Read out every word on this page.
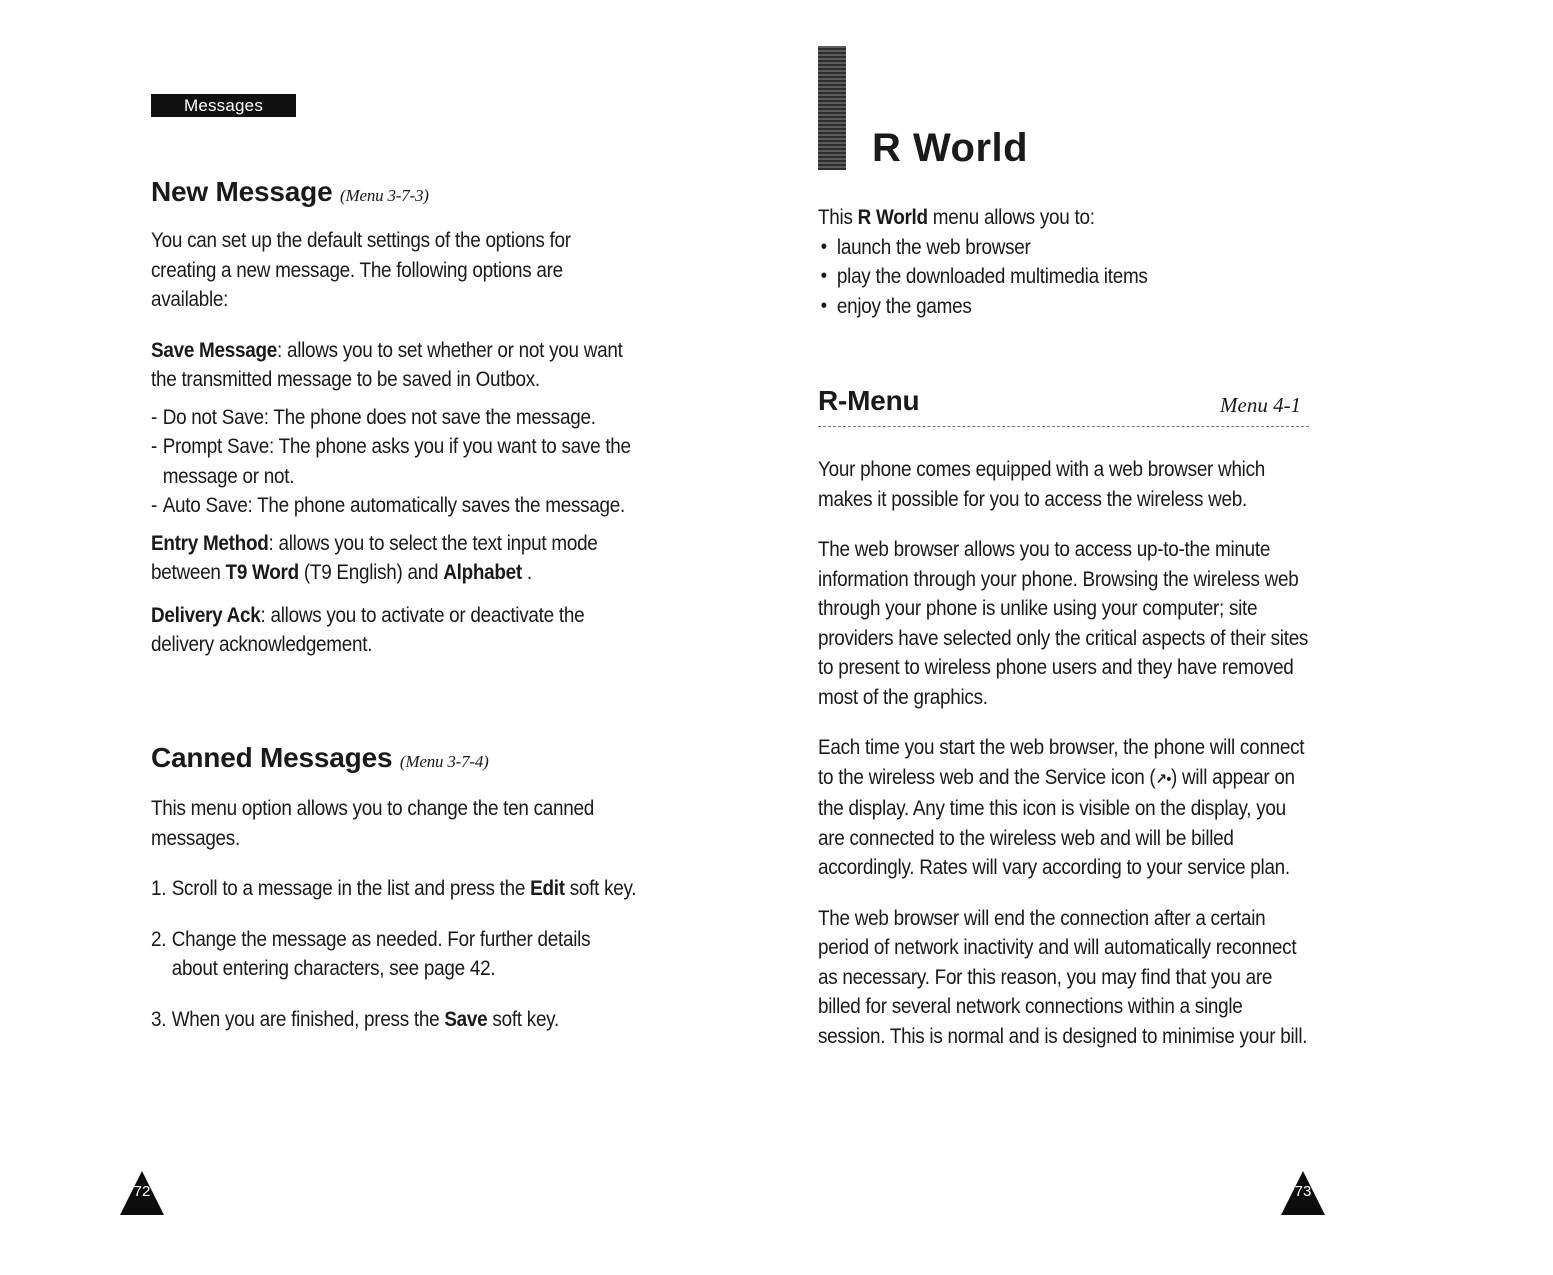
Messages
New Message (Menu 3-7-3)

You can set up the default settings of the options for creating a new message. The following options are available:

Save Message: allows you to set whether or not you want the transmitted message to be saved in Outbox.

- Do not Save: The phone does not save the message.
- Prompt Save: The phone asks you if you want to save the message or not.
- Auto Save: The phone automatically saves the message.

Entry Method: allows you to select the text input mode between T9 Word (T9 English) and Alphabet .

Delivery Ack: allows you to activate or deactivate the delivery acknowledgement.

Canned Messages (Menu 3-7-4)

This menu option allows you to change the ten canned messages.

1. Scroll to a message in the list and press the Edit soft key.
2. Change the message as needed. For further details about entering characters, see page 42.
3. When you are finished, press the Save soft key.
72
R World

This R World menu allows you to:

• launch the web browser
• play the downloaded multimedia items
• enjoy the games
R-Menu	Menu 4-1

Your phone comes equipped with a web browser which makes it possible for you to access the wireless web.

The web browser allows you to access up-to-the minute information through your phone. Browsing the wireless web through your phone is unlike using your computer; site providers have selected only the critical aspects of their sites to present to wireless phone users and they have removed most of the graphics.

Each time you start the web browser, the phone will connect to the wireless web and the Service icon (↗•) will appear on the display. Any time this icon is visible on the display, you are connected to the wireless web and will be billed accordingly. Rates will vary according to your service plan.

The web browser will end the connection after a certain period of network inactivity and will automatically reconnect as necessary. For this reason, you may find that you are billed for several network connections within a single session. This is normal and is designed to minimise your bill.

73
